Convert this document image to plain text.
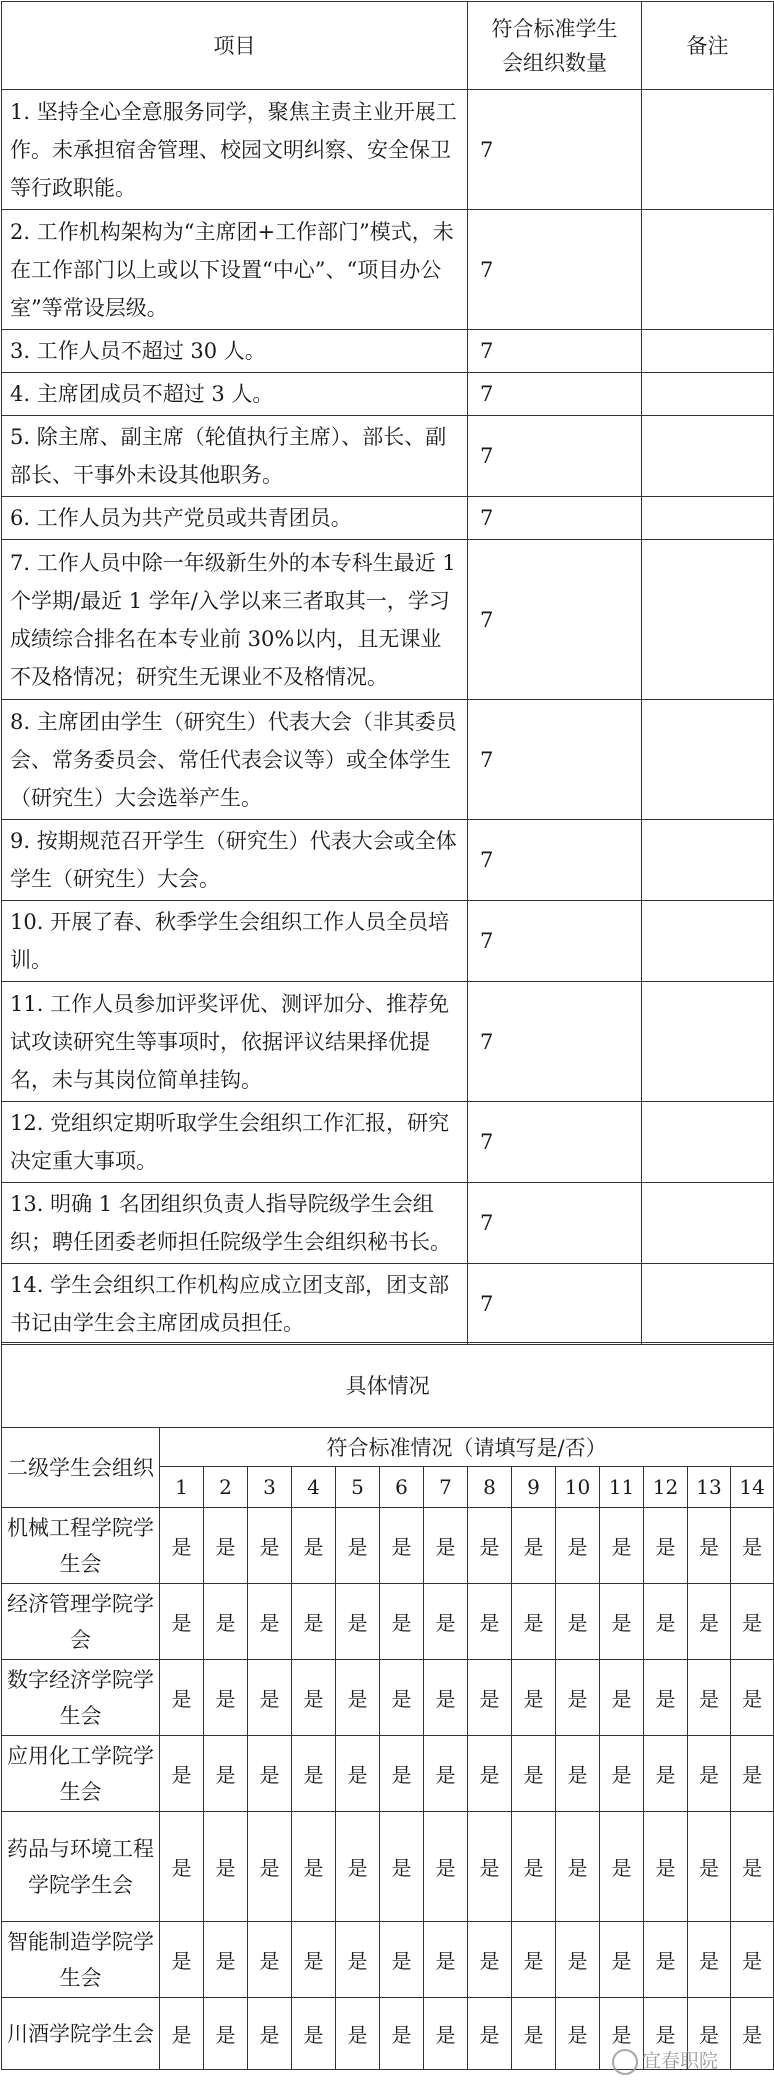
项目	符合标准学生会组织数量	备注
1. 坚持全心全意服务同学，聚焦主责主业开展工作。未承担宿舍管理、校园文明纠察、安全保卫等行政职能。	7	
2. 工作机构架构为“主席团+工作部门”模式，未在工作部门以上或以下设置“中心”、“项目办公室”等常设层级。	7	
3. 工作人员不超过 30 人。	7	
4. 主席团成员不超过 3 人。	7	
5. 除主席、副主席（轮值执行主席）、部长、副部长、干事外未设其他职务。	7	
6. 工作人员为共产党员或共青团员。	7	
7. 工作人员中除一年级新生外的本专科生最近 1 个学期/最近 1 学年/入学以来三者取其一，学习成绩综合排名在本专业前 30%以内，且无课业不及格情况；研究生无课业不及格情况。	7	
8. 主席团由学生（研究生）代表大会（非其委员会、常务委员会、常任代表会议等）或全体学生（研究生）大会选举产生。	7	
9. 按期规范召开学生（研究生）代表大会或全体学生（研究生）大会。	7	
10. 开展了春、秋季学生会组织工作人员全员培训。	7	
11. 工作人员参加评奖评优、测评加分、推荐免试攻读研究生等事项时，依据评议结果择优提名，未与其岗位简单挂钩。	7	
12. 党组织定期听取学生会组织工作汇报，研究决定重大事项。	7	
13. 明确 1 名团组织负责人指导院级学生会组织；聘任团委老师担任院级学生会组织秘书长。	7	
14. 学生会组织工作机构应成立团支部，团支部书记由学生会主席团成员担任。	7	
具体情况														
二级学生会组织	符合标准情况（请填写是/否）													
	1	2	3	4	5	6	7	8	9	10	11	12	13	14
机械工程学院学生会	是	是	是	是	是	是	是	是	是	是	是	是	是	是
经济管理学院学会	是	是	是	是	是	是	是	是	是	是	是	是	是	是
数字经济学院学生会	是	是	是	是	是	是	是	是	是	是	是	是	是	是
应用化工学院学生会	是	是	是	是	是	是	是	是	是	是	是	是	是	是
药品与环境工程学院学生会	是	是	是	是	是	是	是	是	是	是	是	是	是	是
智能制造学院学生会	是	是	是	是	是	是	是	是	是	是	是	是	是	是
川酒学院学生会	是	是	是	是	是	是	是	是	是	是	是	是	是	是
宜春职院
